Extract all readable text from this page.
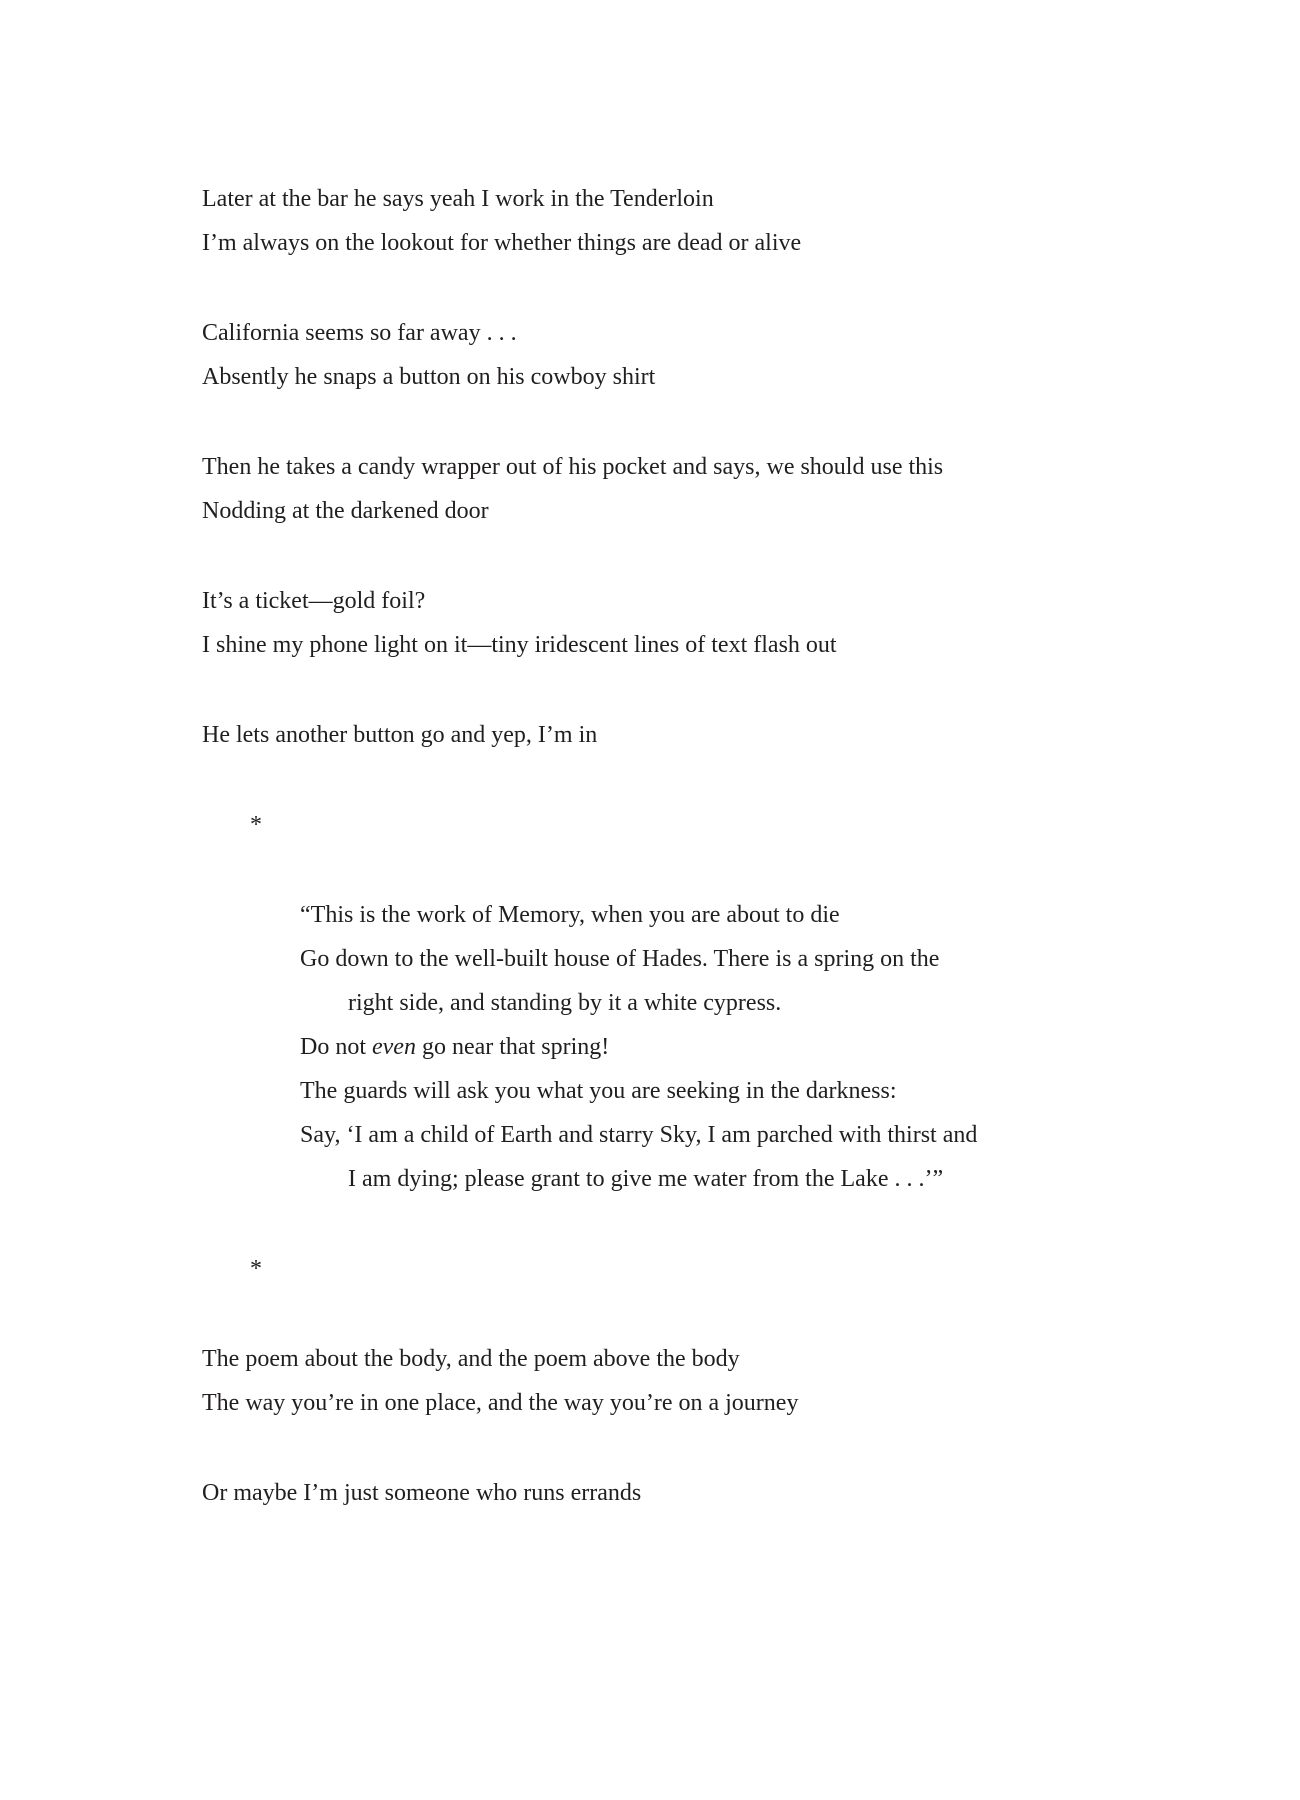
Later at the bar he says yeah I work in the Tenderloin
I’m always on the lookout for whether things are dead or alive
California seems so far away . . .
Absently he snaps a button on his cowboy shirt
Then he takes a candy wrapper out of his pocket and says, we should use this
Nodding at the darkened door
It’s a ticket—gold foil?
I shine my phone light on it—tiny iridescent lines of text flash out
He lets another button go and yep, I’m in
*
“This is the work of Memory, when you are about to die
Go down to the well-built house of Hades. There is a spring on the
right side, and standing by it a white cypress.
Do not even go near that spring!
The guards will ask you what you are seeking in the darkness:
Say, ‘I am a child of Earth and starry Sky, I am parched with thirst and
I am dying; please grant to give me water from the Lake . . .’”
*
The poem about the body, and the poem above the body
The way you’re in one place, and the way you’re on a journey
Or maybe I’m just someone who runs errands
